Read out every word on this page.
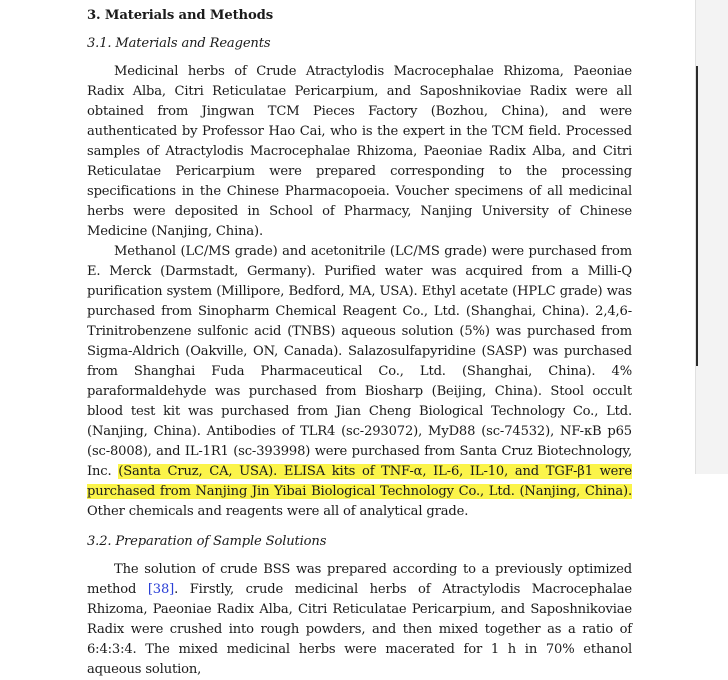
3. Materials and Methods
3.1. Materials and Reagents

Medicinal herbs of Crude Atractylodis Macrocephalae Rhizoma, Paeoniae Radix Alba, Citri Reticulatae Pericarpium, and Saposhnikoviae Radix were all obtained from Jingwan TCM Pieces Factory (Bozhou, China), and were authenticated by Professor Hao Cai, who is the expert in the TCM field. Processed samples of Atractylodis Macrocephalae Rhizoma, Paeoniae Radix Alba, and Citri Reticulatae Pericarpium were prepared corresponding to the processing specifications in the Chinese Pharmacopoeia. Voucher specimens of all medicinal herbs were deposited in School of Pharmacy, Nanjing University of Chinese Medicine (Nanjing, China).

Methanol (LC/MS grade) and acetonitrile (LC/MS grade) were purchased from E. Merck (Darmstadt, Germany). Purified water was acquired from a Milli-Q purification system (Millipore, Bedford, MA, USA). Ethyl acetate (HPLC grade) was purchased from Sinopharm Chemical Reagent Co., Ltd. (Shanghai, China). 2,4,6-Trinitrobenzene sulfonic acid (TNBS) aqueous solution (5%) was purchased from Sigma-Aldrich (Oakville, ON, Canada). Salazosulfapyridine (SASP) was purchased from Shanghai Fuda Pharmaceutical Co., Ltd. (Shanghai, China). 4% paraformaldehyde was purchased from Biosharp (Beijing, China). Stool occult blood test kit was purchased from Jian Cheng Biological Technology Co., Ltd. (Nanjing, China). Antibodies of TLR4 (sc-293072), MyD88 (sc-74532), NF-κB p65 (sc-8008), and IL-1R1 (sc-393998) were purchased from Santa Cruz Biotechnology, Inc. (Santa Cruz, CA, USA). ELISA kits of TNF-α, IL-6, IL-10, and TGF-β1 were purchased from Nanjing Jin Yibai Biological Technology Co., Ltd. (Nanjing, China). Other chemicals and reagents were all of analytical grade.

3.2. Preparation of Sample Solutions

The solution of crude BSS was prepared according to a previously optimized method [38]. Firstly, crude medicinal herbs of Atractylodis Macrocephalae Rhizoma, Paeoniae Radix Alba, Citri Reticulatae Pericarpium, and Saposhnikoviae Radix were crushed into rough powders, and then mixed together as a ratio of 6:4:3:4. The mixed medicinal herbs were macerated for 1 h in 70% ethanol aqueous solution,
